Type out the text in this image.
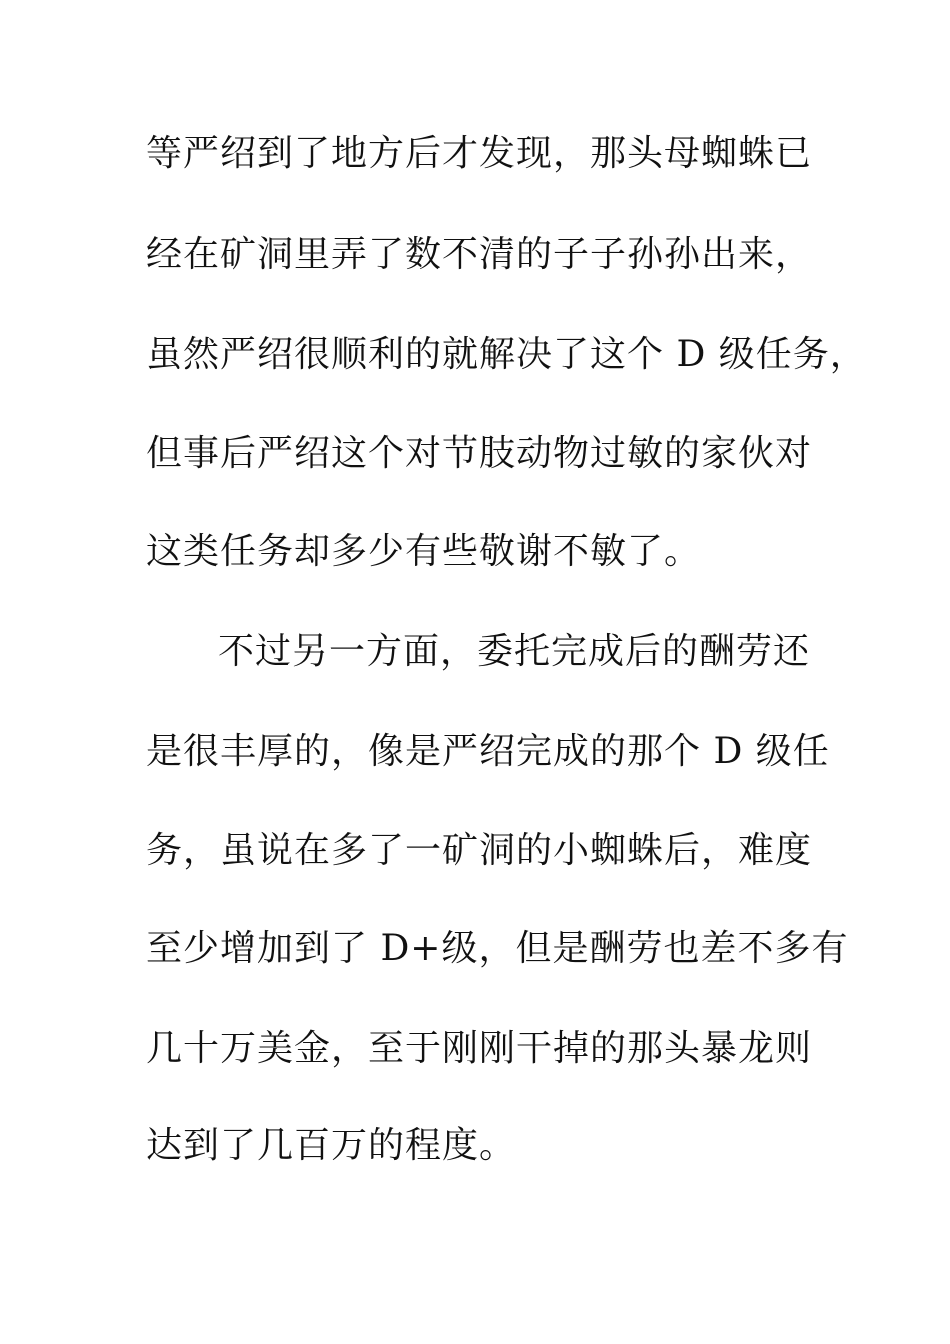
等严绍到了地方后才发现，那头母蜘蛛已

经在矿洞里弄了数不清的子子孙孙出来，

虽然严绍很顺利的就解决了这个 D 级任务，

但事后严绍这个对节肢动物过敏的家伙对

这类任务却多少有些敬谢不敏了。

不过另一方面，委托完成后的酬劳还

是很丰厚的，像是严绍完成的那个 D 级任

务，虽说在多了一矿洞的小蜘蛛后，难度

至少增加到了 D+级，但是酬劳也差不多有

几十万美金，至于刚刚干掉的那头暴龙则

达到了几百万的程度。
